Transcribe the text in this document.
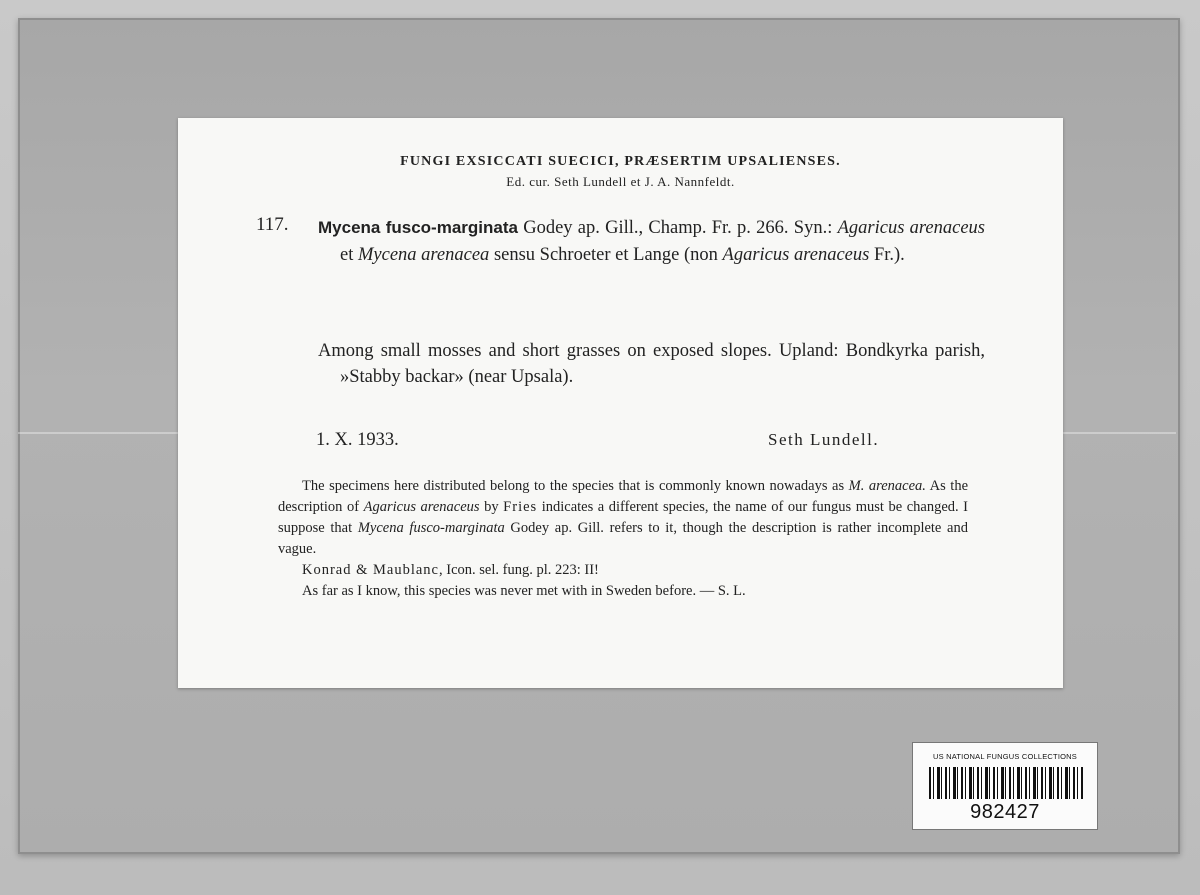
FUNGI EXSICCATI SUECICI, PRÆSERTIM UPSALIENSES.
Ed. cur. Seth Lundell et J. A. Nannfeldt.
117. Mycena fusco-marginata Godey ap. Gill., Champ. Fr. p. 266. Syn.: Agaricus arenaceus et Mycena arenacea sensu Schroeter et Lange (non Agaricus arenaceus Fr.).
Among small mosses and short grasses on exposed slopes. Upland: Bondkyrka parish, »Stabby backar» (near Upsala).
1. X. 1933.	Seth Lundell.

The specimens here distributed belong to the species that is commonly known nowadays as M. arenacea. As the description of Agaricus arenaceus by Fries indicates a different species, the name of our fungus must be changed. I suppose that Mycena fusco-marginata Godey ap. Gill. refers to it, though the description is rather incomplete and vague.

Konrad & Maublanc, Icon. sel. fung. pl. 223: II!

As far as I know, this species was never met with in Sweden before. — S. L.

US NATIONAL FUNGUS COLLECTIONS
982427
